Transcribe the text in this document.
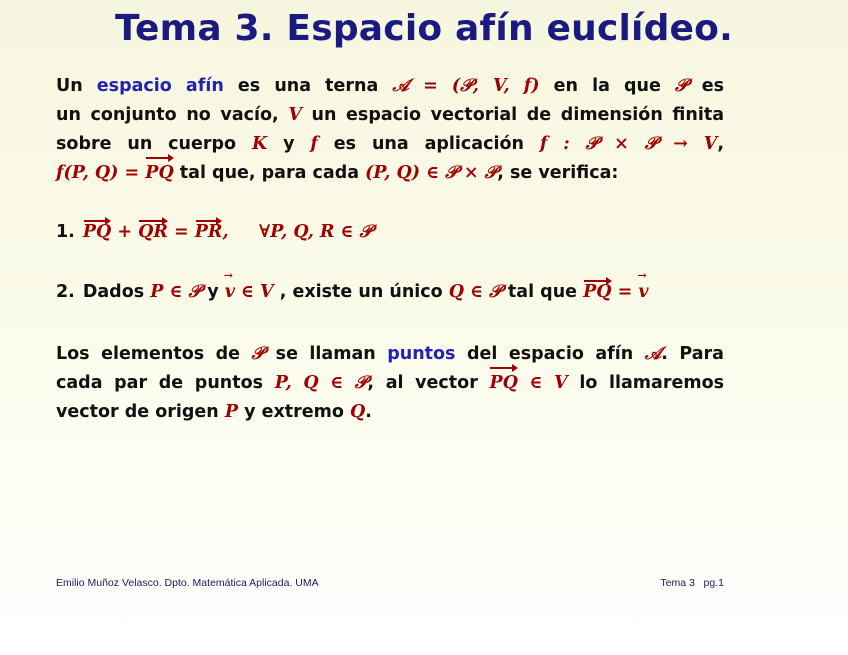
Tema 3. Espacio afín euclídeo.
Un espacio afín es una terna 𝒜 = (𝒫, V, f) en la que 𝒫 es
un conjunto no vacío, V un espacio vectorial de dimensión finita
sobre un cuerpo K y f es una aplicación f : 𝒫 × 𝒫 → V,
f(P, Q) = PQ tal que, para cada (P, Q) ∈ 𝒫 × 𝒫, se verifica:
1. PQ + QR = PR,     ∀P, Q, R ∈ 𝒫
2. Dados P ∈ 𝒫 y v → ∈ V , existe un único Q ∈ 𝒫 tal que PQ = v →
Los elementos de 𝒫 se llaman puntos del espacio afín 𝒜. Para
cada par de puntos P, Q ∈ 𝒫, al vector PQ ∈ V lo llamaremos
vector de origen P y extremo Q.
Emilio Muñoz Velasco. Dpto. Matemática Aplicada. UMA	Tema 3   pg.1
